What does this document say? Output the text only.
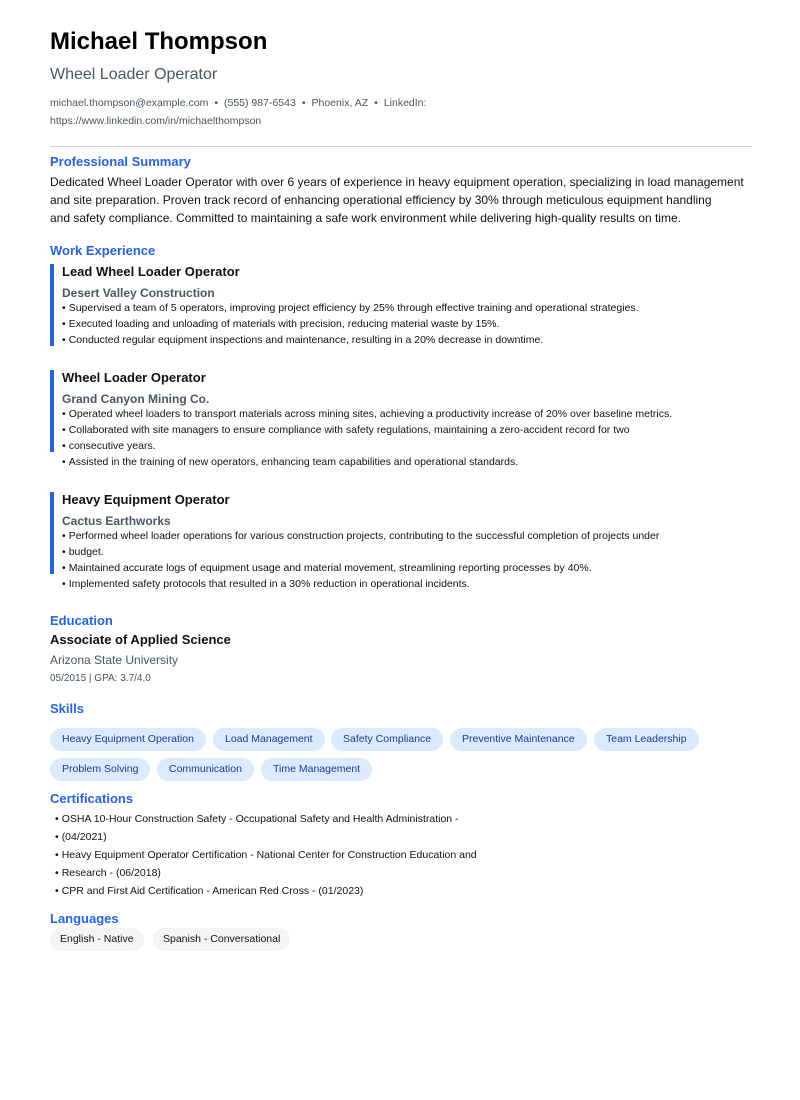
Michael Thompson
Wheel Loader Operator
michael.thompson@example.com • (555) 987-6543 • Phoenix, AZ • LinkedIn:
https://www.linkedin.com/in/michaelthompson
Professional Summary
Dedicated Wheel Loader Operator with over 6 years of experience in heavy equipment operation, specializing in load management
and site preparation. Proven track record of enhancing operational efficiency by 30% through meticulous equipment handling
and safety compliance. Committed to maintaining a safe work environment while delivering high-quality results on time.
Work Experience
Lead Wheel Loader Operator
Desert Valley Construction
• Supervised a team of 5 operators, improving project efficiency by 25% through effective training and operational strategies.
• Executed loading and unloading of materials with precision, reducing material waste by 15%.
• Conducted regular equipment inspections and maintenance, resulting in a 20% decrease in downtime.
Wheel Loader Operator
Grand Canyon Mining Co.
• Operated wheel loaders to transport materials across mining sites, achieving a productivity increase of 20% over baseline metrics.
• Collaborated with site managers to ensure compliance with safety regulations, maintaining a zero-accident record for two
• consecutive years.
• Assisted in the training of new operators, enhancing team capabilities and operational standards.
Heavy Equipment Operator
Cactus Earthworks
• Performed wheel loader operations for various construction projects, contributing to the successful completion of projects under
• budget.
• Maintained accurate logs of equipment usage and material movement, streamlining reporting processes by 40%.
• Implemented safety protocols that resulted in a 30% reduction in operational incidents.
Education
Associate of Applied Science
Arizona State University
05/2015 | GPA: 3.7/4.0
Skills
Heavy Equipment Operation	Load Management	Safety Compliance	Preventive Maintenance	Team Leadership
Problem Solving	Communication	Time Management
Certifications
• OSHA 10-Hour Construction Safety - Occupational Safety and Health Administration -
• (04/2021)
• Heavy Equipment Operator Certification - National Center for Construction Education and
• Research - (06/2018)
• CPR and First Aid Certification - American Red Cross - (01/2023)
Languages
English - Native	Spanish - Conversational
